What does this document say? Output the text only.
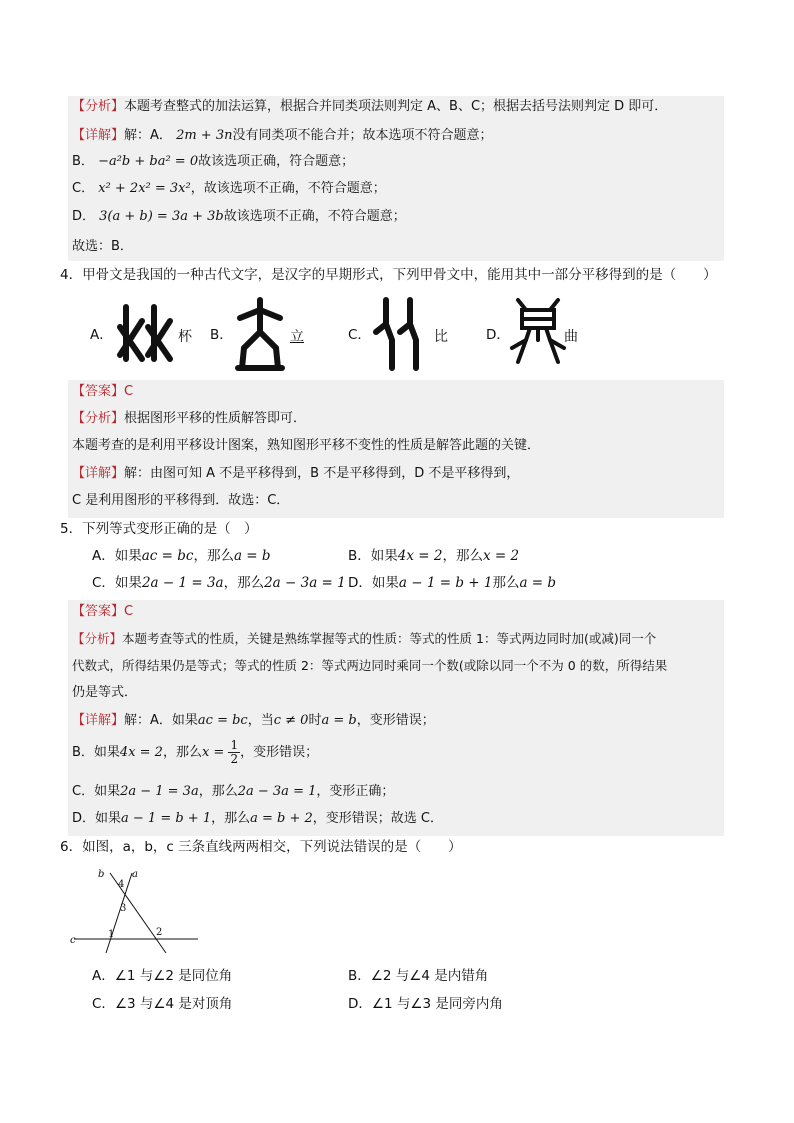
【分析】本题考查整式的加法运算，根据合并同类项法则判定 A、B、C；根据去括号法则判定 D 即可．
【详解】解：A． 2m + 3n没有同类项不能合并；故本选项不符合题意；
B． −a²b + ba² = 0故该选项正确，符合题意；
C． x² + 2x² = 3x²，故该选项不正确，不符合题意；
D． 3(a + b) = 3a + 3b故该选项不正确，不符合题意；
故选：B．
4．甲骨文是我国的一种古代文字，是汉字的早期形式，下列甲骨文中，能用其中一部分平移得到的是（　　）
A．	杯 B．	立	C．	比	D．	曲
【答案】C
【分析】根据图形平移的性质解答即可．
本题考查的是利用平移设计图案，熟知图形平移不变性的性质是解答此题的关键．
【详解】解：由图可知 A 不是平移得到，B 不是平移得到，D 不是平移得到，
C 是利用图形的平移得到．故选：C．
5．下列等式变形正确的是（　）
A．如果ac = bc，那么a = b	B．如果4x = 2，那么x = 2
C．如果2a − 1 = 3a，那么2a − 3a = 1 D．如果a − 1 = b + 1那么a = b
【答案】C
【分析】本题考查等式的性质，关键是熟练掌握等式的性质：等式的性质 1：等式两边同时加(或减)同一个
代数式，所得结果仍是等式；等式的性质 2：等式两边同时乘同一个数(或除以同一个不为 0 的数，所得结果
仍是等式．
【详解】解：A．如果ac = bc，当c ≠ 0时a = b，变形错误；
B．如果4x = 2，那么$x = \frac{1}{2}$ ，变形错误；
C．如果2a − 1 = 3a，那么2a − 3a = 1，变形正确；
D．如果a − 1 = b + 1，那么a = b + 2，变形错误；故选 C．
6．如图，a，b，c 三条直线两两相交，下列说法错误的是（　　）
b	a
c
4
3
1	2
A．∠1 与∠2 是同位角	B．∠2 与∠4 是内错角
C．∠3 与∠4 是对顶角	D．∠1 与∠3 是同旁内角
